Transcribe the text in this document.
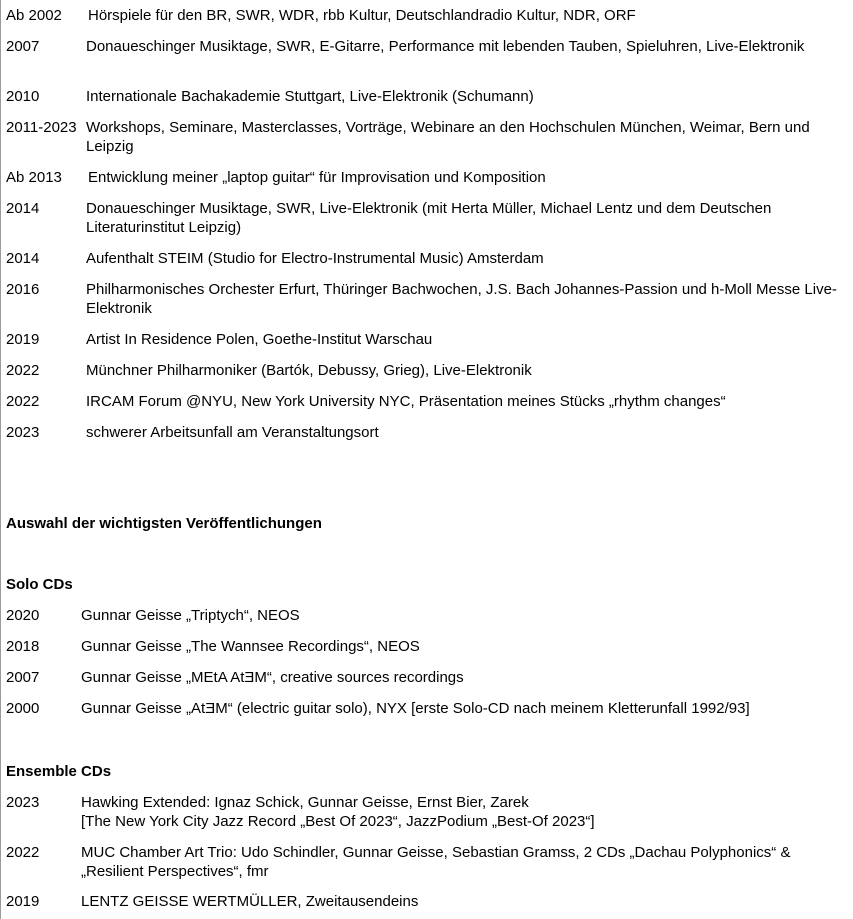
Ab 2002 Hörspiele für den BR, SWR, WDR, rbb Kultur, Deutschlandradio Kultur, NDR, ORF
2007	Donaueschinger Musiktage, SWR, E-Gitarre, Performance mit lebenden Tauben, Spieluhren, Live-Elektronik
2010	Internationale Bachakademie Stuttgart, Live-Elektronik (Schumann)
2011-2023 Workshops, Seminare, Masterclasses, Vorträge, Webinare an den Hochschulen München, Weimar, Bern und Leipzig
Ab 2013 Entwicklung meiner „laptop guitar“ für Improvisation und Komposition
2014	Donaueschinger Musiktage, SWR, Live-Elektronik (mit Herta Müller, Michael Lentz und dem Deutschen Literaturinstitut Leipzig)
2014	Aufenthalt STEIM (Studio for Electro-Instrumental Music) Amsterdam
2016	Philharmonisches Orchester Erfurt, Thüringer Bachwochen, J.S. Bach Johannes-Passion und h-Moll Messe Live-Elektronik
2019	Artist In Residence Polen, Goethe-Institut Warschau
2022	Münchner Philharmoniker (Bartók, Debussy, Grieg), Live-Elektronik
2022	IRCAM Forum @NYU, New York University NYC, Präsentation meines Stücks „rhythm changes“
2023	schwerer Arbeitsunfall am Veranstaltungsort
Auswahl der wichtigsten Veröffentlichungen
Solo CDs
2020	Gunnar Geisse „Triptych“, NEOS
2018	Gunnar Geisse „The Wannsee Recordings“, NEOS
2007	Gunnar Geisse „MEtA AtƎM“, creative sources recordings
2000	Gunnar Geisse „AtƎM“ (electric guitar solo), NYX [erste Solo-CD nach meinem Kletterunfall 1992/93]
Ensemble CDs
2023	Hawking Extended: Ignaz Schick, Gunnar Geisse, Ernst Bier, Zarek
[The New York City Jazz Record „Best Of 2023“, JazzPodium „Best-Of 2023“]
2022	MUC Chamber Art Trio: Udo Schindler, Gunnar Geisse, Sebastian Gramss, 2 CDs „Dachau Polyphonics“ &
„Resilient Perspectives“, fmr
2019	LENTZ GEISSE WERTMÜLLER, Zweitausendeins
